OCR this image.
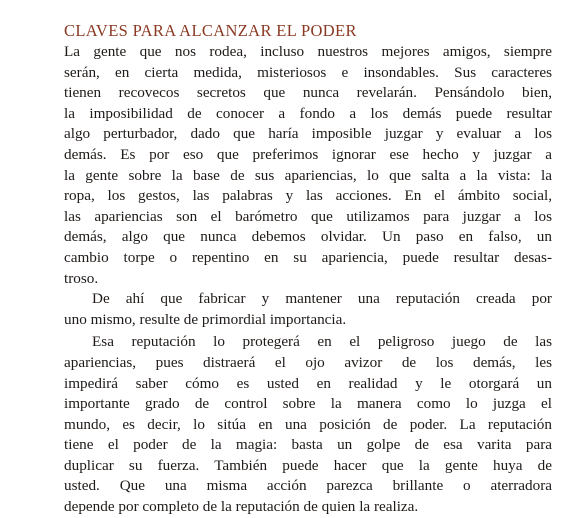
CLAVES PARA ALCANZAR EL PODER
La gente que nos rodea, incluso nuestros mejores amigos, siempre
serán, en cierta medida, misteriosos e insondables. Sus caracteres
tienen recovecos secretos que nunca revelarán. Pensándolo bien,
la imposibilidad de conocer a fondo a los demás puede resultar
algo perturbador, dado que haría imposible juzgar y evaluar a los
demás. Es por eso que preferimos ignorar ese hecho y juzgar a
la gente sobre la base de sus apariencias, lo que salta a la vista: la
ropa, los gestos, las palabras y las acciones. En el ámbito social,
las apariencias son el barómetro que utilizamos para juzgar a los
demás, algo que nunca debemos olvidar. Un paso en falso, un
cambio torpe o repentino en su apariencia, puede resultar desas-
troso.
De ahí que fabricar y mantener una reputación creada por
uno mismo, resulte de primordial importancia.
Esa reputación lo protegerá en el peligroso juego de las
apariencias, pues distraerá el ojo avizor de los demás, les
impedirá saber cómo es usted en realidad y le otorgará un
importante grado de control sobre la manera como lo juzga el
mundo, es decir, lo sitúa en una posición de poder. La reputación
tiene el poder de la magia: basta un golpe de esa varita para
duplicar su fuerza. También puede hacer que la gente huya de
usted. Que una misma acción parezca brillante o aterradora
depende por completo de la reputación de quien la realiza.
